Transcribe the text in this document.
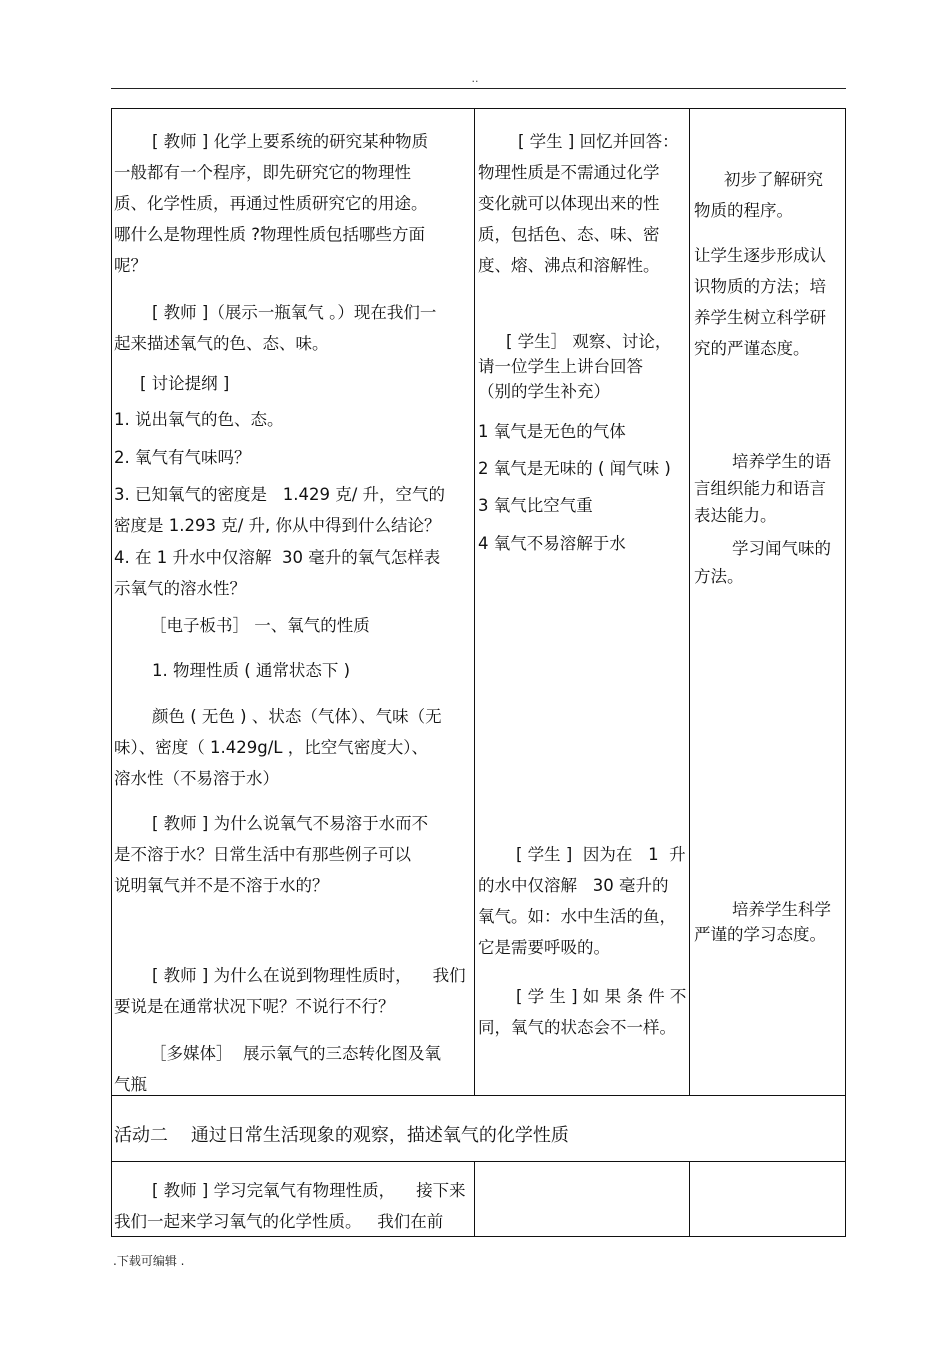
..
[ 教师 ] 化学上要系统的研究某种物质
一般都有一个程序，即先研究它的物理性
质、化学性质，再通过性质研究它的用途。
哪什么是物理性质 ?物理性质包括哪些方面
呢？
[ 教师 ]（展示一瓶氧气 。）现在我们一
起来描述氧气的色、态、味。
[ 讨论提纲 ]
1. 说出氧气的色、态。
2. 氧气有气味吗？
3. 已知氧气的密度是   1.429 克/ 升，空气的
密度是 1.293 克/ 升, 你从中得到什么结论？
4. 在 1 升水中仅溶解  30 毫升的氧气怎样表
示氧气的溶水性？
［电子板书］ 一、氧气的性质
1. 物理性质 ( 通常状态下 )
颜色 ( 无色 ) 、状态（气体）、气味（无
味）、密度（ 1.429g/L ，比空气密度大）、
溶水性（不易溶于水）
[ 教师 ] 为什么说氧气不易溶于水而不
是不溶于水？日常生活中有那些例子可以
说明氧气并不是不溶于水的？
[ 教师 ] 为什么在说到物理性质时，    我们
要说是在通常状况下呢？不说行不行？
［多媒体］  展示氧气的三态转化图及氧
气瓶
[ 学生 ] 回忆并回答：
物理性质是不需通过化学
变化就可以体现出来的性
质，包括色、态、味、密
度、熔、沸点和溶解性。
[ 学生］ 观察、讨论，
请一位学生上讲台回答
（别的学生补充）
1 氧气是无色的气体
2 氧气是无味的 ( 闻气味 )
3 氧气比空气重
4 氧气不易溶解于水
[ 学生 ]  因为在   1  升
的水中仅溶解   30 毫升的
氧气。如：水中生活的鱼，
它是需要呼吸的。
[ 学 生 ] 如 果 条 件 不
同，氧气的状态会不一样。
初步了解研究
物质的程序。
让学生逐步形成认
识物质的方法；培
养学生树立科学研
究的严谨态度。
培养学生的语
言组织能力和语言
表达能力。
学习闻气味的
方法。
培养学生科学
严谨的学习态度。
活动二    通过日常生活现象的观察，描述氧气的化学性质
[ 教师 ] 学习完氧气有物理性质，    接下来
我们一起来学习氧气的化学性质。   我们在前
.下载可编辑 .
